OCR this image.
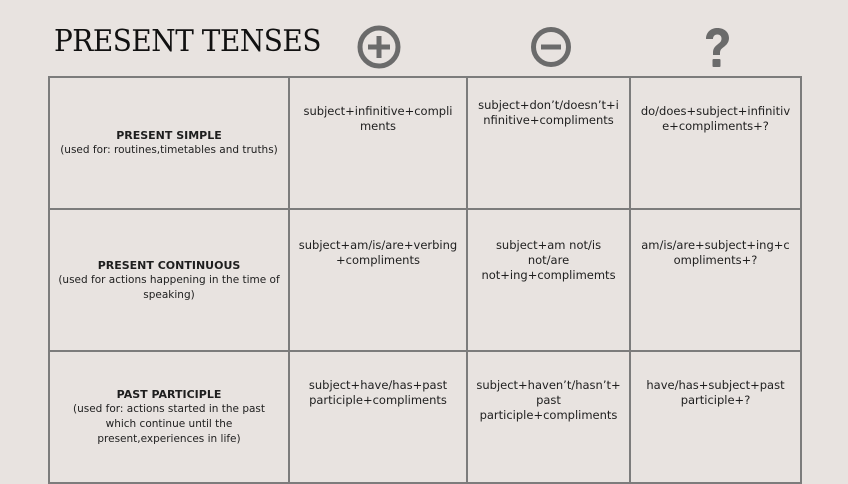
PRESENT TENSES
PRESENT SIMPLE
(used for: routines,timetables and truths)	subject+infinitive+compliments	subject+don’t/doesn’t+infinitive+compliments	do/does+subject+infinitive+compliments+?

PRESENT CONTINUOUS
(used for actions happening in the time of speaking)	subject+am/is/are+verbing+compliments	subject+am not/is not/are not+ing+complimemts	am/is/are+subject+ing+compliments+?

PAST PARTICIPLE
(used for: actions started in the past which continue until the present,experiences in life)	subject+have/has+past participle+compliments	subject+haven’t/hasn’t+past participle+compliments	have/has+subject+past participle+?
